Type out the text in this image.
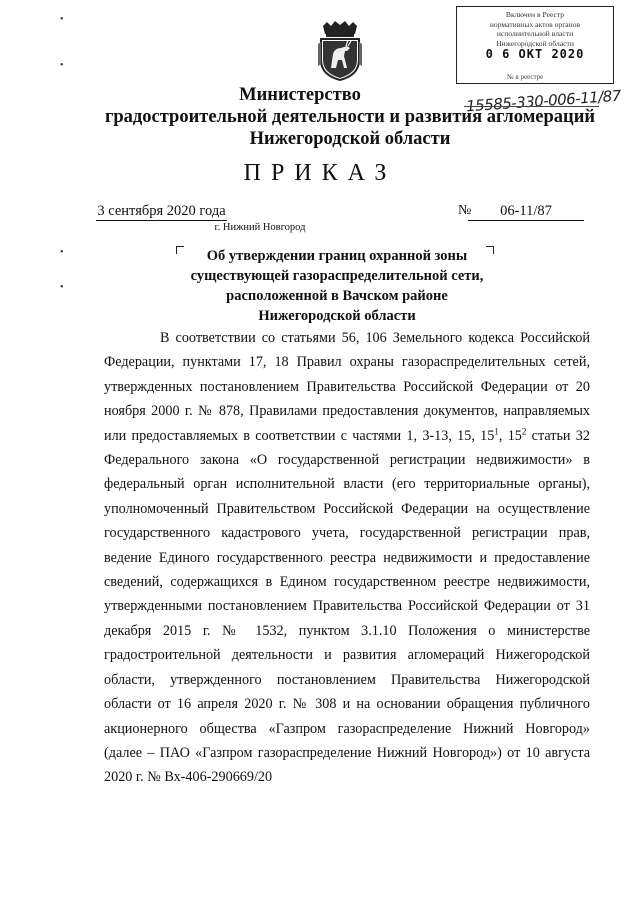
•
•
•
•
Включен в Реестр
нормативных актов органов
исполнительной власти
Нижегородской области
0 6 ОКТ 2020
№ в реестре
15585-330-006-11/87
Министерство
градостроительной деятельности и развития агломераций
Нижегородской области
ПРИКАЗ
3 сентября 2020 года
г. Нижний Новгород
№	06-11/87
Об утверждении границ охранной зоны
существующей газораспределительной сети,
расположенной в Вачском районе
Нижегородской области
В соответствии со статьями 56, 106 Земельного кодекса Российской Федерации, пунктами 17, 18 Правил охраны газораспределительных сетей, утвержденных постановлением Правительства Российской Федерации от 20 ноября 2000 г. № 878, Правилами предоставления документов, направляемых или предоставляемых в соответствии с частями 1, 3-13, 15, $15^1$, $15^2$ статьи 32 Федерального закона «О государственной регистрации недвижимости» в федеральный орган исполнительной власти (его территориальные органы), уполномоченный Правительством Российской Федерации на осуществление государственного кадастрового учета, государственной регистрации прав, ведение Единого государственного реестра недвижимости и предоставление сведений, содержащихся в Едином государственном реестре недвижимости, утвержденными постановлением Правительства Российской Федерации от 31 декабря 2015 г. № 1532, пунктом 3.1.10 Положения о министерстве градостроительной деятельности и развития агломераций Нижегородской области, утвержденного постановлением Правительства Нижегородской области от 16 апреля 2020 г. № 308 и на основании обращения публичного акционерного общества «Газпром газораспределение Нижний Новгород» (далее – ПАО «Газпром газораспределение Нижний Новгород») от 10 августа 2020 г. № Вх-406-290669/20
